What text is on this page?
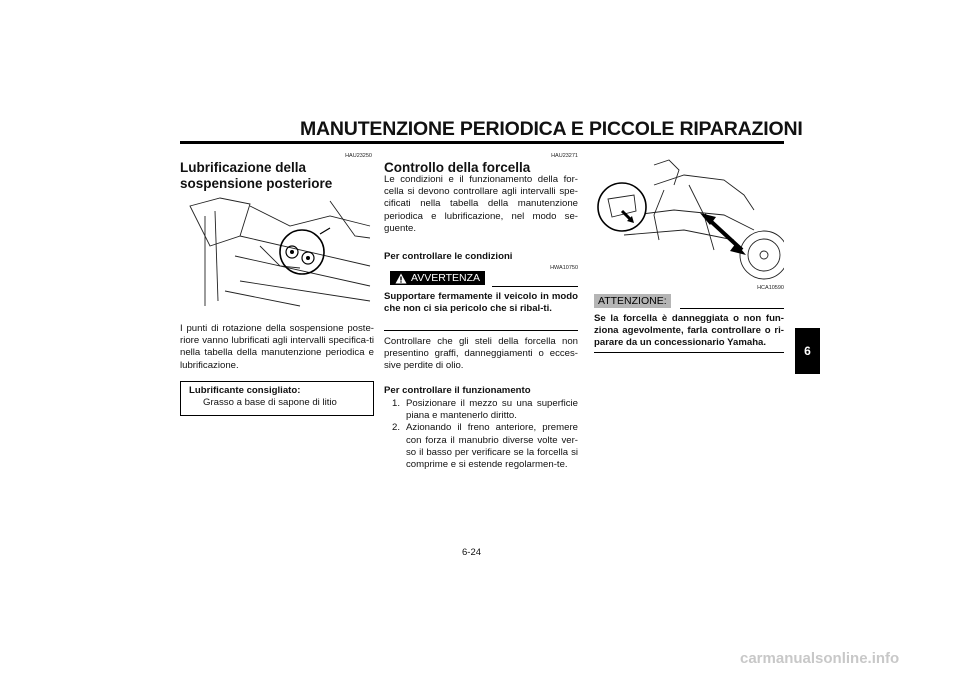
MANUTENZIONE PERIODICA E PICCOLE RIPARAZIONI
6
HAU23250
Lubrificazione della sospensione posteriore
I punti di rotazione della sospensione poste-riore vanno lubrificati agli intervalli specifica-ti nella tabella della manutenzione periodica e lubrificazione.
Lubrificante consigliato:
Grasso a base di sapone di litio
HAU23271
Controllo della forcella
Le condizioni e il funzionamento della for-cella si devono controllare agli intervalli spe-cificati nella tabella della manutenzione periodica e lubrificazione, nel modo se-guente.
Per controllare le condizioni
HWA10750
AVVERTENZA
Supportare fermamente il veicolo in modo che non ci sia pericolo che si ribal-ti.
Controllare che gli steli della forcella non presentino graffi, danneggiamenti o ecces-sive perdite di olio.
Per controllare il funzionamento
1. Posizionare il mezzo su una superficie piana e mantenerlo diritto.
2. Azionando il freno anteriore, premere con forza il manubrio diverse volte ver-so il basso per verificare se la forcella si comprime e si estende regolarmen-te.
HCA10590
ATTENZIONE:
Se la forcella è danneggiata o non fun-ziona agevolmente, farla controllare o ri-parare da un concessionario Yamaha.
6-24
carmanualsonline.info
